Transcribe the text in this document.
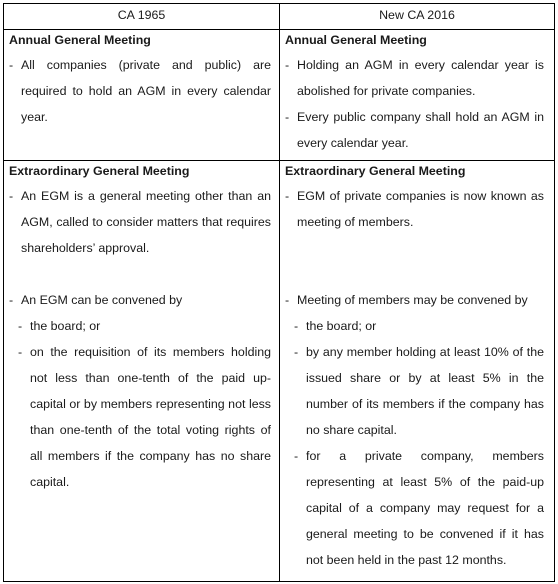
CA 1965	New CA 2016
Annual General Meeting
- All companies (private and public) are required to hold an AGM in every calendar year.
Annual General Meeting
- Holding an AGM in every calendar year is abolished for private companies.
- Every public company shall hold an AGM in every calendar year.
Extraordinary General Meeting
- An EGM is a general meeting other than an AGM, called to consider matters that requires shareholders’ approval.
- An EGM can be convened by
- the board; or
- on the requisition of its members holding not less than one-tenth of the paid up-capital or by members representing not less than one-tenth of the total voting rights of all members if the company has no share capital.
Extraordinary General Meeting
- EGM of private companies is now known as meeting of members.
- Meeting of members may be convened by
- the board; or
- by any member holding at least 10% of the issued share or by at least 5% in the number of its members if the company has no share capital.
- for a private company, members representing at least 5% of the paid-up capital of a company may request for a general meeting to be convened if it has not been held in the past 12 months.
